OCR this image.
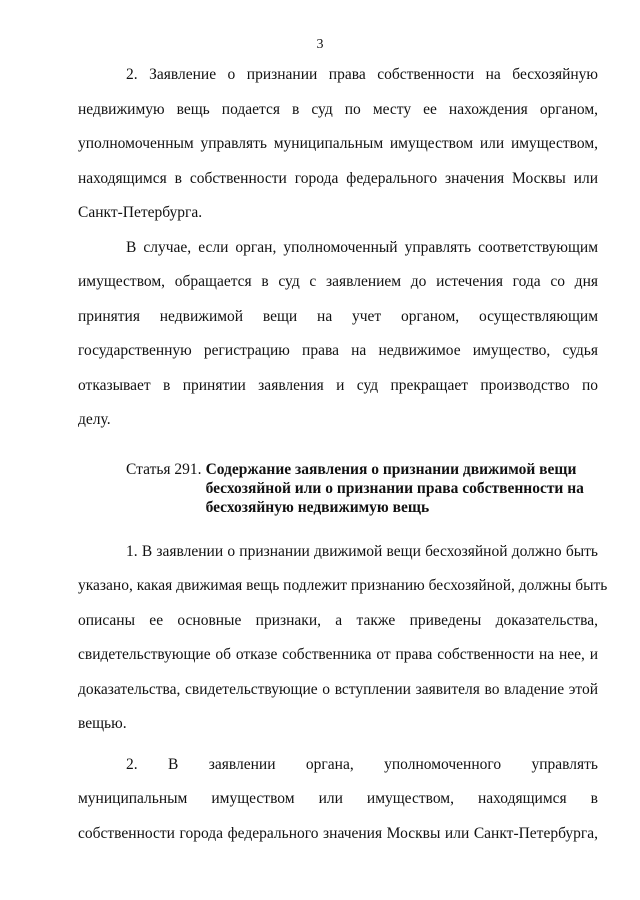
3

2. Заявление о признании права собственности на бесхозяйную
недвижимую вещь подается в суд по месту ее нахождения органом,
уполномоченным управлять муниципальным имуществом или имуществом,
находящимся в собственности города федерального значения Москвы или
Санкт-Петербурга.

В случае, если орган, уполномоченный управлять соответствующим
имуществом, обращается в суд с заявлением до истечения года со дня
принятия недвижимой вещи на учет органом, осуществляющим
государственную регистрацию права на недвижимое имущество, судья
отказывает в принятии заявления и суд прекращает производство по
делу.

Статья 291. Содержание заявления о признании движимой вещи
бесхозяйной или о признании права собственности на
бесхозяйную недвижимую вещь

1. В заявлении о признании движимой вещи бесхозяйной должно быть
указано, какая движимая вещь подлежит признанию бесхозяйной, должны быть
описаны ее основные признаки, а также приведены доказательства,
свидетельствующие об отказе собственника от права собственности на нее, и
доказательства, свидетельствующие о вступлении заявителя во владение этой
вещью.

2. В заявлении органа, уполномоченного управлять
муниципальным имуществом или имуществом, находящимся в
собственности города федерального значения Москвы или Санкт-Петербурга,
